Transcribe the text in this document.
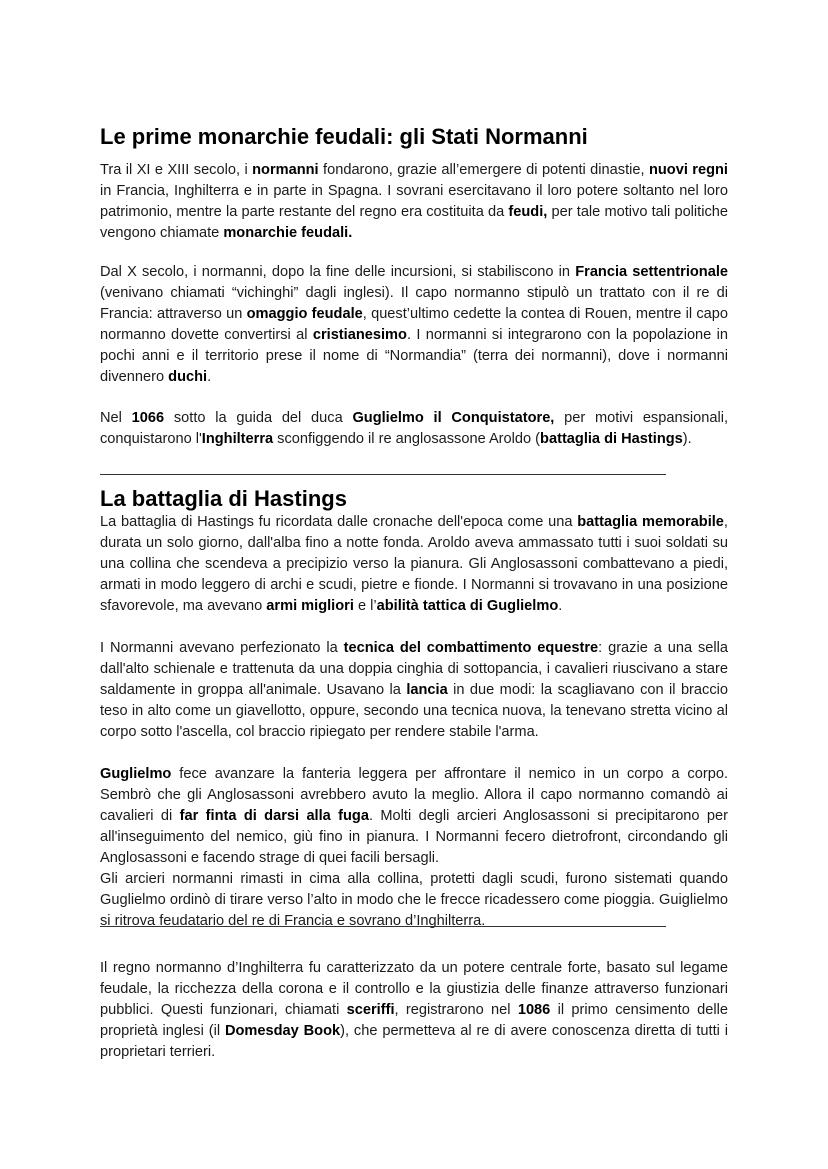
Le prime monarchie feudali: gli Stati Normanni

Tra il XI e XIII secolo, i normanni fondarono, grazie all’emergere di potenti dinastie, nuovi regni in Francia, Inghilterra e in parte in Spagna. I sovrani esercitavano il loro potere soltanto nel loro patrimonio, mentre la parte restante del regno era costituita da feudi, per tale motivo tali politiche vengono chiamate monarchie feudali.

Dal X secolo, i normanni, dopo la fine delle incursioni, si stabiliscono in Francia settentrionale (venivano chiamati “vichinghi” dagli inglesi). Il capo normanno stipulò un trattato con il re di Francia: attraverso un omaggio feudale, quest’ultimo cedette la contea di Rouen, mentre il capo normanno dovette convertirsi al cristianesimo. I normanni si integrarono con la popolazione in pochi anni e il territorio prese il nome di “Normandia” (terra dei normanni), dove i normanni divennero duchi.

Nel 1066 sotto la guida del duca Guglielmo il Conquistatore, per motivi espansionali, conquistarono l'Inghilterra sconfiggendo il re anglosassone Aroldo (battaglia di Hastings).

La battaglia di Hastings

La battaglia di Hastings fu ricordata dalle cronache dell'epoca come una battaglia memorabile, durata un solo giorno, dall'alba fino a notte fonda. Aroldo aveva ammassato tutti i suoi soldati su una collina che scendeva a precipizio verso la pianura. Gli Anglosassoni combattevano a piedi, armati in modo leggero di archi e scudi, pietre e fionde. I Normanni si trovavano in una posizione sfavorevole, ma avevano armi migliori e l’abilità tattica di Guglielmo.

I Normanni avevano perfezionato la tecnica del combattimento equestre: grazie a una sella dall'alto schienale e trattenuta da una doppia cinghia di sottopancia, i cavalieri riuscivano a stare saldamente in groppa all'animale. Usavano la lancia in due modi: la scagliavano con il braccio teso in alto come un giavellotto, oppure, secondo una tecnica nuova, la tenevano stretta vicino al corpo sotto l'ascella, col braccio ripiegato per rendere stabile l'arma.

Guglielmo fece avanzare la fanteria leggera per affrontare il nemico in un corpo a corpo. Sembrò che gli Anglosassoni avrebbero avuto la meglio. Allora il capo normanno comandò ai cavalieri di far finta di darsi alla fuga. Molti degli arcieri Anglosassoni si precipitarono per all'inseguimento del nemico, giù fino in pianura. I Normanni fecero dietrofront, circondando gli Anglosassoni e facendo strage di quei facili bersagli.

Gli arcieri normanni rimasti in cima alla collina, protetti dagli scudi, furono sistemati quando Guglielmo ordinò di tirare verso l’alto in modo che le frecce ricadessero come pioggia. Guiglielmo si ritrova feudatario del re di Francia e sovrano d’Inghilterra.

Il regno normanno d’Inghilterra fu caratterizzato da un potere centrale forte, basato sul legame feudale, la ricchezza della corona e il controllo e la giustizia delle finanze attraverso funzionari pubblici. Questi funzionari, chiamati sceriffi, registrarono nel 1086 il primo censimento delle proprietà inglesi (il Domesday Book), che permetteva al re di avere conoscenza diretta di tutti i proprietari terrieri.
